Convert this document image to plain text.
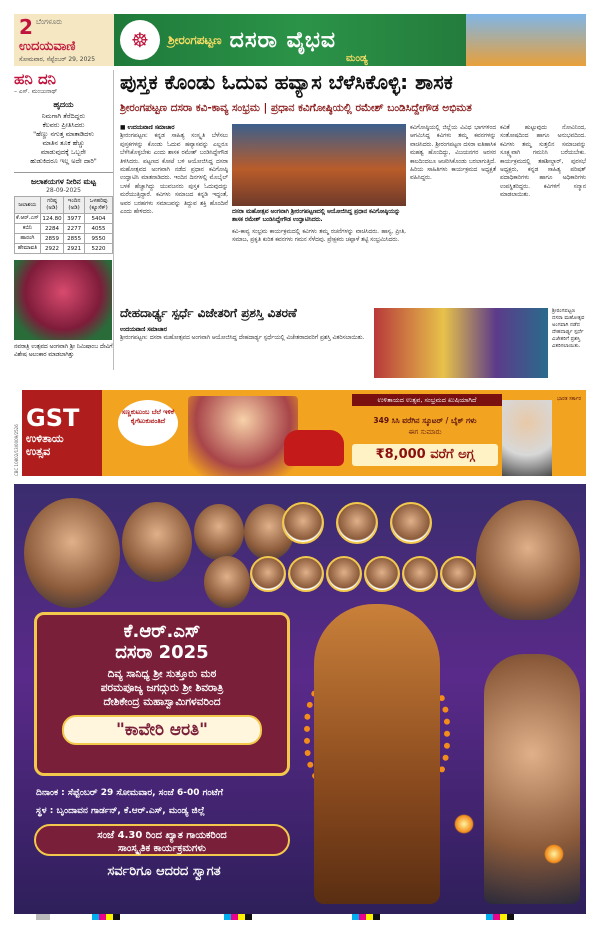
2 ಬೆಂಗಳೂರು
ಉದಯವಾಣಿ
ಸೋಮವಾರ, ಸೆಪ್ಟೆಂಬರ್ 29, 2025
☸	ಶ್ರೀರಂಗಪಟ್ಟಣ ದಸರಾ ವೈಭವ
ಮಂಡ್ಯ
ಹನಿ ದನಿ
– ಎಸ್. ಮಂಜುನಾಥ್
ಹೃದಯ
ನಿಮಗಾಗಿ ತೆರೆದಿದ್ದರು
ಕೆಲವರು ಪ್ರೀತಿಸಿದರು
"ಹೆಣ್ಣು ನಗುತ್ತ ಮಾತಾಡಿದಳು
ಮಾತಿನ ತೂಕ ಹೆಚ್ಚು
ಮಾಡುವುದಕ್ಕೆ ಒಬ್ಬರೇ
ಹುಡುಕಿದರೂ ಇಲ್ಲ ಅದೇ ದಾರಿ"
ಜಲಾಶಯಗಳ ನೀರಿನ ಮಟ್ಟ
28-09-2025
ಜಲಾಶಯ	ಗರಿಷ್ಠ (ಅಡಿ)	ಇಂದಿನ (ಅಡಿ)	ಒಳಹರಿವು (ಕ್ಯೂಸೆಕ್)
ಕೆ.ಆರ್.ಎಸ್	124.80	3977	5404
ಕಬಿನಿ	2284	2277	4055
ಹಾರಂಗಿ	2859	2855	9550
ಹೇಮಾವತಿ	2922	2921	5220
ನವರಾತ್ರಿ ಉತ್ಸವದ ಅಂಗವಾಗಿ ಶ್ರೀ ನಿಮಿಷಾಂಬ ದೇವಿಗೆ ವಿಶೇಷ ಅಲಂಕಾರ ಮಾಡಲಾಗಿತ್ತು
ಪುಸ್ತಕ ಕೊಂಡು ಓದುವ ಹವ್ಯಾಸ ಬೆಳೆಸಿಕೊಳ್ಳಿ: ಶಾಸಕ
ಶ್ರೀರಂಗಪಟ್ಟಣ ದಸರಾ ಕವಿ-ಕಾವ್ಯ ಸಂಭ್ರಮ | ಪ್ರಧಾನ ಕವಿಗೋಷ್ಠಿಯಲ್ಲಿ ರಮೇಶ್ ಬಂಡಿಸಿದ್ದೇಗೌಡ ಅಭಿಮತ
■ ಉದಯವಾಣಿ ಸಮಾಚಾರ
ಶ್ರೀರಂಗಪಟ್ಟಣ: ಕನ್ನಡ ಸಾಹಿತ್ಯ ಸಂಸ್ಕೃತಿ ಬೆಳೆಸಲು ಪುಸ್ತಕಗಳನ್ನು ಕೊಂಡು ಓದುವ ಹವ್ಯಾಸವನ್ನು ಎಲ್ಲರೂ ಬೆಳೆಸಿಕೊಳ್ಳಬೇಕು ಎಂದು ಶಾಸಕ ರಮೇಶ್ ಬಂಡಿಸಿದ್ದೇಗೌಡ ತಿಳಿಸಿದರು. ಪಟ್ಟಣದ ಕೋಟೆ ಬಳಿ ಆಯೋಜಿಸಿದ್ದ ದಸರಾ ಮಹೋತ್ಸವದ ಅಂಗವಾಗಿ ನಡೆದ ಪ್ರಧಾನ ಕವಿಗೋಷ್ಠಿ ಉದ್ಘಾಟಿಸಿ ಮಾತನಾಡಿದರು. ಇಂದಿನ ದಿನಗಳಲ್ಲಿ ಮೊಬೈಲ್ ಬಳಕೆ ಹೆಚ್ಚಾಗಿದ್ದು ಯುವಜನರು ಪುಸ್ತಕ ಓದುವುದನ್ನು ಮರೆಯುತ್ತಿದ್ದಾರೆ. ಕವಿಗಳು ಸಮಾಜದ ಕನ್ನಡಿ ಇದ್ದಂತೆ, ಅವರ ಬರಹಗಳು ಸಮಾಜವನ್ನು ತಿದ್ದುವ ಶಕ್ತಿ ಹೊಂದಿವೆ ಎಂದು ಹೇಳಿದರು.	ದಸರಾ ಮಹೋತ್ಸವ ಅಂಗವಾಗಿ ಶ್ರೀರಂಗಪಟ್ಟಣದಲ್ಲಿ ಆಯೋಜಿಸಿದ್ದ ಪ್ರಧಾನ ಕವಿಗೋಷ್ಠಿಯನ್ನು ಶಾಸಕ ರಮೇಶ್ ಬಂಡಿಸಿದ್ದೇಗೌಡ ಉದ್ಘಾಟಿಸಿದರು.
ಕವಿ-ಕಾವ್ಯ ಸಂಭ್ರಮ ಕಾರ್ಯಕ್ರಮದಲ್ಲಿ ಕವಿಗಳು ತಮ್ಮ ರಚನೆಗಳನ್ನು ವಾಚಿಸಿದರು. ಹಾಸ್ಯ, ಪ್ರೀತಿ, ಸಮಾಜ, ಪ್ರಕೃತಿ ಕುರಿತ ಕವನಗಳು ಗಮನ ಸೆಳೆದವು. ಪ್ರೇಕ್ಷಕರು ಚಪ್ಪಾಳೆ ತಟ್ಟಿ ಸಂಭ್ರಮಿಸಿದರು.
ಕವಿಗೋಷ್ಠಿಯಲ್ಲಿ ಜಿಲ್ಲೆಯ ವಿವಿಧ ಭಾಗಗಳಿಂದ ಆಗಮಿಸಿದ್ದ ಕವಿಗಳು ತಮ್ಮ ಕವನಗಳನ್ನು ವಾಚಿಸಿದರು. ಶ್ರೀರಂಗಪಟ್ಟಣ ದಸರಾ ಐತಿಹಾಸಿಕ ಮಹತ್ವ ಹೊಂದಿದ್ದು, ವಿಜಯನಗರ ಅರಸರ ಕಾಲದಿಂದಲೂ ಆಚರಿಸಿಕೊಂಡು ಬರಲಾಗುತ್ತಿದೆ. ಹಿರಿಯ ಸಾಹಿತಿಗಳು ಕಾರ್ಯಕ್ರಮದ ಅಧ್ಯಕ್ಷತೆ ವಹಿಸಿದ್ದರು.
ಕವಿತೆ ಹುಟ್ಟುವುದು ನೋವಿನಿಂದ, ಸಂತೋಷದಿಂದ ಹಾಗೂ ಅನುಭವದಿಂದ. ಕವಿಗಳು ತಮ್ಮ ಸುತ್ತಲಿನ ಸಮಾಜವನ್ನು ಸೂಕ್ಷ್ಮವಾಗಿ ಗಮನಿಸಿ ಬರೆಯಬೇಕು. ಕಾರ್ಯಕ್ರಮದಲ್ಲಿ ತಹಶೀಲ್ದಾರ್, ಪುರಸಭೆ ಅಧ್ಯಕ್ಷರು, ಕನ್ನಡ ಸಾಹಿತ್ಯ ಪರಿಷತ್ ಪದಾಧಿಕಾರಿಗಳು ಹಾಗೂ ಅಧಿಕಾರಿಗಳು ಉಪಸ್ಥಿತರಿದ್ದರು. ಕವಿಗಳಿಗೆ ಸನ್ಮಾನ ಮಾಡಲಾಯಿತು.
ದೇಹದಾರ್ಢ್ಯ ಸ್ಪರ್ಧೆ ವಿಜೇತರಿಗೆ ಪ್ರಶಸ್ತಿ ವಿತರಣೆ
ಉದಯವಾಣಿ ಸಮಾಚಾರ
ಶ್ರೀರಂಗಪಟ್ಟಣ: ದಸರಾ ಮಹೋತ್ಸವದ ಅಂಗವಾಗಿ ಆಯೋಜಿಸಿದ್ದ ದೇಹದಾರ್ಢ್ಯ ಸ್ಪರ್ಧೆಯಲ್ಲಿ ವಿಜೇತರಾದವರಿಗೆ ಪ್ರಶಸ್ತಿ ವಿತರಿಸಲಾಯಿತು.
ಶ್ರೀರಂಗಪಟ್ಟಣ ದಸರಾ ಮಹೋತ್ಸವ ಅಂಗವಾಗಿ ನಡೆದ ದೇಹದಾರ್ಢ್ಯ ಸ್ಪರ್ಧೆ ವಿಜೇತರಿಗೆ ಪ್ರಶಸ್ತಿ ವಿತರಿಸಲಾಯಿತು.
CBC 10802/13/0009/2526
GST
ಉಳಿತಾಯ
ಉತ್ಸವ
ಸಣ್ಣಕುಟುಂಬ ಬೆಲೆ ಇಳಿಕೆ ಕೈಗೆಟುಕುವಂತಿದೆ
ಉಳಿತಾಯದ ಉತ್ಸವ, ಸಂಭ್ರಮದ ಖುಷಿಯಾಗಿದೆ
349 ಸಿಸಿ ವರೆಗಿನ ಸ್ಕೂಟರ್ / ಬೈಕ್ ಗಳು
ಈಗ ಸುಮಾರು
₹8,000 ವರೆಗೆ ಅಗ್ಗ
ಭಾರತ ಸರ್ಕಾರ
ಕೆ.ಆರ್.ಎಸ್
ದಸರಾ 2025
ದಿವ್ಯ ಸಾನಿಧ್ಯ ಶ್ರೀ ಸುತ್ತೂರು ಮಠ
ಪರಮಪೂಜ್ಯ ಜಗದ್ಗುರು ಶ್ರೀ ಶಿವರಾತ್ರಿ
ದೇಶಿಕೇಂದ್ರ ಮಹಾಸ್ವಾಮಿಗಳವರಿಂದ
"ಕಾವೇರಿ ಆರತಿ"
ದಿನಾಂಕ : ಸೆಪ್ಟೆಂಬರ್ 29 ಸೋಮವಾರ, ಸಂಜೆ 6-00 ಗಂಟೆಗೆ
ಸ್ಥಳ : ಬೃಂದಾವನ ಗಾರ್ಡನ್, ಕೆ.ಆರ್.ಎಸ್, ಮಂಡ್ಯ ಜಿಲ್ಲೆ
ಸಂಜೆ 4.30 ರಿಂದ ಖ್ಯಾತ ಗಾಯಕರಿಂದ
ಸಾಂಸ್ಕೃತಿಕ ಕಾರ್ಯಕ್ರಮಗಳು
ಸರ್ವರಿಗೂ ಆದರದ ಸ್ವಾಗತ
